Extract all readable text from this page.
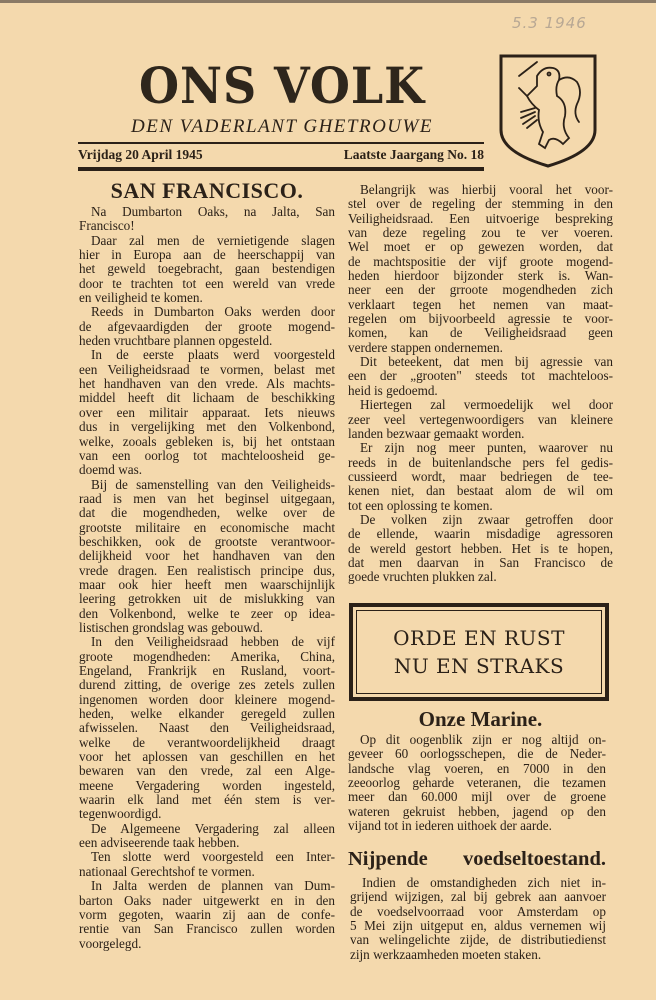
5.3 1946
ONS VOLK
DEN VADERLANT GHETROUWE
Vrijdag 20 April 1945	Laatste Jaargang No. 18
SAN FRANCISCO.
Na Dumbarton Oaks, na Jalta, San
Francisco!
Daar zal men de vernietigende slagen
hier in Europa aan de heerschappij van
het geweld toegebracht, gaan bestendigen
door te trachten tot een wereld van vrede
en veiligheid te komen.
Reeds in Dumbarton Oaks werden door
de afgevaardigden der groote mogend-
heden vruchtbare plannen opgesteld.
In de eerste plaats werd voorgesteld
een Veiligheidsraad te vormen, belast met
het handhaven van den vrede. Als machts-
middel heeft dit lichaam de beschikking
over een militair apparaat. Iets nieuws
dus in vergelijking met den Volkenbond,
welke, zooals gebleken is, bij het ontstaan
van een oorlog tot machteloosheid ge-
doemd was.
Bij de samenstelling van den Veiligheids-
raad is men van het beginsel uitgegaan,
dat die mogendheden, welke over de
grootste militaire en economische macht
beschikken, ook de grootste verantwoor-
delijkheid voor het handhaven van den
vrede dragen. Een realistisch principe dus,
maar ook hier heeft men waarschijnlijk
leering getrokken uit de mislukking van
den Volkenbond, welke te zeer op idea-
listischen grondslag was gebouwd.
In den Veiligheidsraad hebben de vijf
groote mogendheden: Amerika, China,
Engeland, Frankrijk en Rusland, voort-
durend zitting, de overige zes zetels zullen
ingenomen worden door kleinere mogend-
heden, welke elkander geregeld zullen
afwisselen. Naast den Veiligheidsraad,
welke de verantwoordelijkheid draagt
voor het aplossen van geschillen en het
bewaren van den vrede, zal een Alge-
meene Vergadering worden ingesteld,
waarin elk land met één stem is ver-
tegenwoordigd.
De Algemeene Vergadering zal alleen
een adviseerende taak hebben.
Ten slotte werd voorgesteld een Inter-
nationaal Gerechtshof te vormen.
In Jalta werden de plannen van Dum-
barton Oaks nader uitgewerkt en in den
vorm gegoten, waarin zij aan de confe-
rentie van San Francisco zullen worden
voorgelegd.
Belangrijk was hierbij vooral het voor-
stel over de regeling der stemming in den
Veiligheidsraad. Een uitvoerige bespreking
van deze regeling zou te ver voeren.
Wel moet er op gewezen worden, dat
de machtspositie der vijf groote mogend-
heden hierdoor bijzonder sterk is. Wan-
neer een der grroote mogendheden zich
verklaart tegen het nemen van maat-
regelen om bijvoorbeeld agressie te voor-
komen, kan de Veiligheidsraad geen
verdere stappen ondernemen.
Dit beteekent, dat men bij agressie van
een der „grooten" steeds tot machteloos-
heid is gedoemd.
Hiertegen zal vermoedelijk wel door
zeer veel vertegenwoordigers van kleinere
landen bezwaar gemaakt worden.
Er zijn nog meer punten, waarover nu
reeds in de buitenlandsche pers fel gedis-
cussieerd wordt, maar bedriegen de tee-
kenen niet, dan bestaat alom de wil om
tot een oplossing te komen.
De volken zijn zwaar getroffen door
de ellende, waarin misdadige agressoren
de wereld gestort hebben. Het is te hopen,
dat men daarvan in San Francisco de
goede vruchten plukken zal.
ORDE EN RUST
NU EN STRAKS
Onze Marine.
Op dit oogenblik zijn er nog altijd on-
geveer 60 oorlogsschepen, die de Neder-
landsche vlag voeren, en 7000 in den
zeeoorlog geharde veteranen, die tezamen
meer dan 60.000 mijl over de groene
wateren gekruist hebben, jagend op den
vijand tot in iederen uithoek der aarde.
Nijpende voedseltoestand.
Indien de omstandigheden zich niet in-
grijend wijzigen, zal bij gebrek aan aanvoer
de voedselvoorraad voor Amsterdam op
5 Mei zijn uitgeput en, aldus vernemen wij
van welingelichte zijde, de distributiedienst
zijn werkzaamheden moeten staken.
